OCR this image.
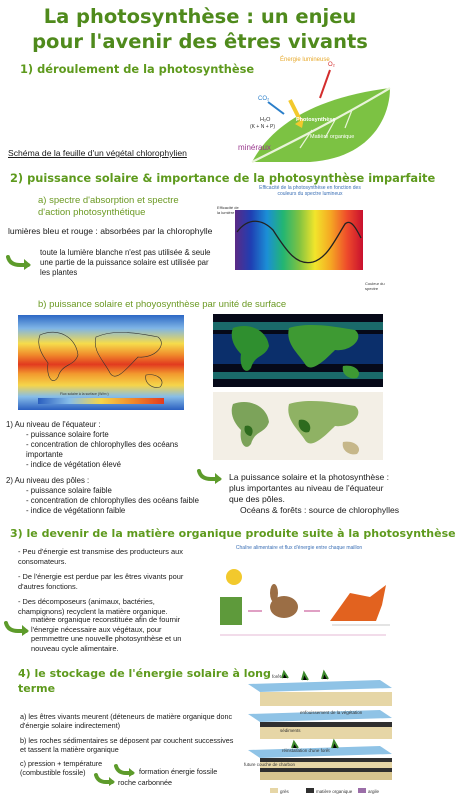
La photosynthèse : un enjeu
pour l'avenir des êtres vivants
1) déroulement de la photosynthèse
Énergie lumineuse
O₂
CO₂
H₂O
(K + N + P)
Photosynthèse
Matière organique
minéraux
Schéma de la feuille d'un végétal chlorophylien
2) puissance solaire & importance de la photosynthèse imparfaite
a) spectre d'absorption et spectre d'action photosynthétique
lumières bleu et rouge : absorbées par la chlorophylle
toute la lumière blanche n'est pas utilisée & seule une partie de la puissance solaire est utilisée par les plantes
Efficacité de la photosynthèse en fonction des couleurs du spectre lumineux
Efficacité de la lumière
Couleur du spectre
b) puissance solaire et phoyosynthèse par unité de surface
Flux solaire à la surface (W/m²)
1) Au niveau de l'équateur :
- puissance solaire forte
- concentration de chlorophylles des océans importante
- indice de végétation élevé
2) Au niveau des pôles :
- puissance solaire faible
- concentration de chlorophylles des océans faible
- indice de végétationn faible
La puissance solaire et la photosynthèse : plus importantes au niveau de l'équateur que des pôles.
Océans & forêts : source de chlorophylles
3) le devenir de la matière organique produite suite à la photosynthèse
- Peu d'énergie est transmise des producteurs aux consomateurs.
- De l'énergie est perdue par les êtres vivants pour d'autres fonctions.
- Des décomposeurs (animaux, bactéries, champignons) recyclent la matière organique.
matière organique reconstituée afin de fournir l'énergie nécessaire aux végétaux, pour permmettre une nouvelle photosynthèse et un nouveau cycle alimentaire.
Chaîne alimentaire et flux d'énergie entre chaque maillon
4) le stockage de l'énergie solaire à long
terme
a) les êtres vivants meurent (déteneurs de matière organique donc d'énergie solaire indirectement)
b) les roches sédimentaires se déposent par couchent successives et tassent la matière organique
c) pression + température (combustible fossile)	formation énergie fossile
roche carbonnée
forêt
enfouissement de la végétation
sédiments
réinstallation d'une forêt
future couche de charbon
grès	matière organique	argile
